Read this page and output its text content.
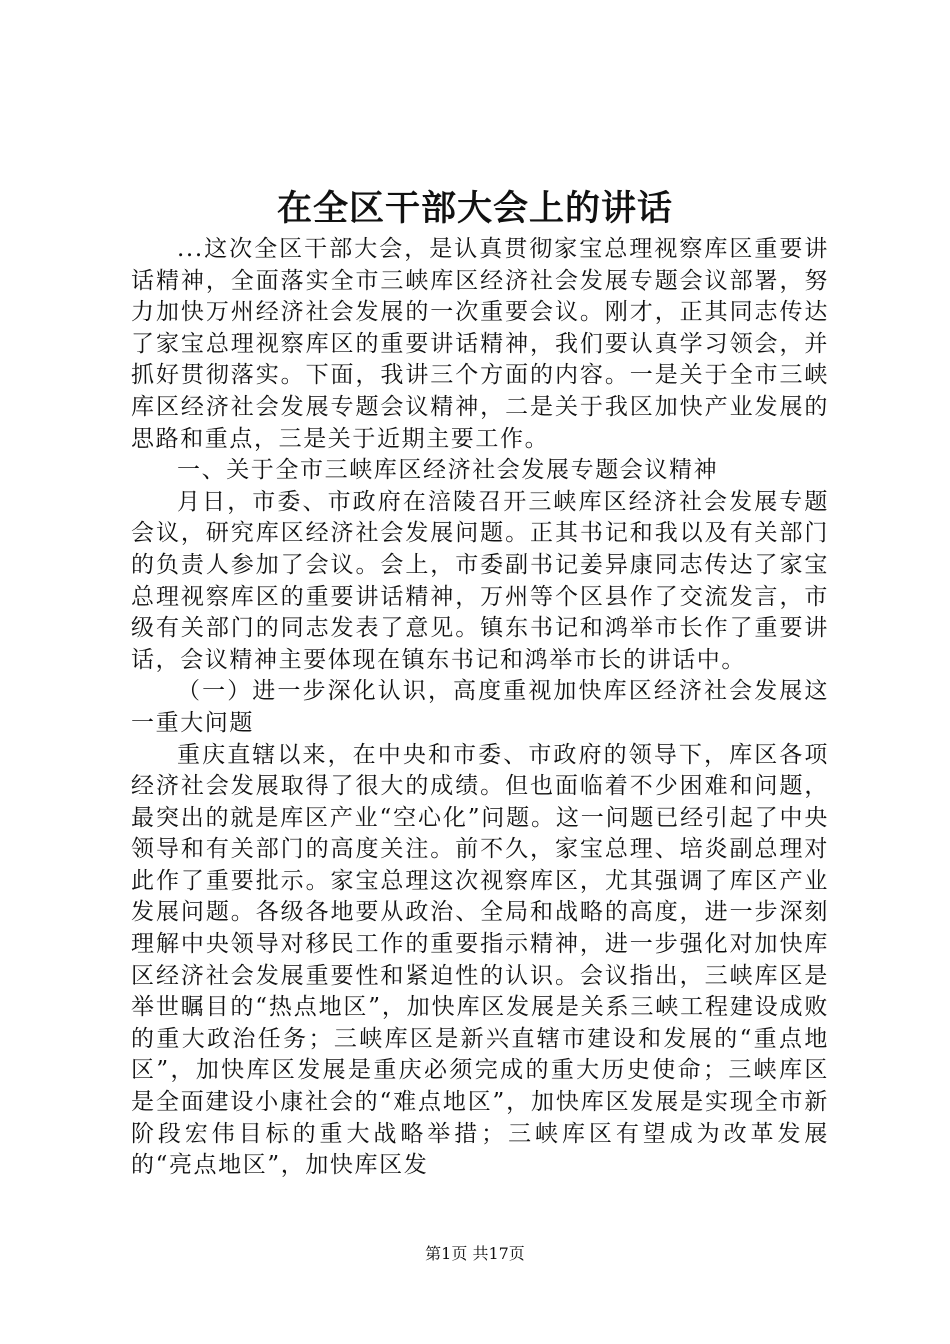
在全区干部大会上的讲话

...这次全区干部大会，是认真贯彻家宝总理视察库区重要讲话精神，全面落实全市三峡库区经济社会发展专题会议部署，努力加快万州经济社会发展的一次重要会议。刚才，正其同志传达了家宝总理视察库区的重要讲话精神，我们要认真学习领会，并抓好贯彻落实。下面，我讲三个方面的内容。一是关于全市三峡库区经济社会发展专题会议精神，二是关于我区加快产业发展的思路和重点，三是关于近期主要工作。

一、关于全市三峡库区经济社会发展专题会议精神

月日，市委、市政府在涪陵召开三峡库区经济社会发展专题会议，研究库区经济社会发展问题。正其书记和我以及有关部门的负责人参加了会议。会上，市委副书记姜异康同志传达了家宝总理视察库区的重要讲话精神，万州等个区县作了交流发言，市级有关部门的同志发表了意见。镇东书记和鸿举市长作了重要讲话，会议精神主要体现在镇东书记和鸿举市长的讲话中。

（一）进一步深化认识，高度重视加快库区经济社会发展这一重大问题

重庆直辖以来，在中央和市委、市政府的领导下，库区各项经济社会发展取得了很大的成绩。但也面临着不少困难和问题，最突出的就是库区产业“空心化”问题。这一问题已经引起了中央领导和有关部门的高度关注。前不久，家宝总理、培炎副总理对此作了重要批示。家宝总理这次视察库区，尤其强调了库区产业发展问题。各级各地要从政治、全局和战略的高度，进一步深刻理解中央领导对移民工作的重要指示精神，进一步强化对加快库区经济社会发展重要性和紧迫性的认识。会议指出，三峡库区是举世瞩目的“热点地区”，加快库区发展是关系三峡工程建设成败的重大政治任务；三峡库区是新兴直辖市建设和发展的“重点地区”，加快库区发展是重庆必须完成的重大历史使命；三峡库区是全面建设小康社会的“难点地区”，加快库区发展是实现全市新阶段宏伟目标的重大战略举措；三峡库区有望成为改革发展的“亮点地区”，加快库区发

第1页 共17页
